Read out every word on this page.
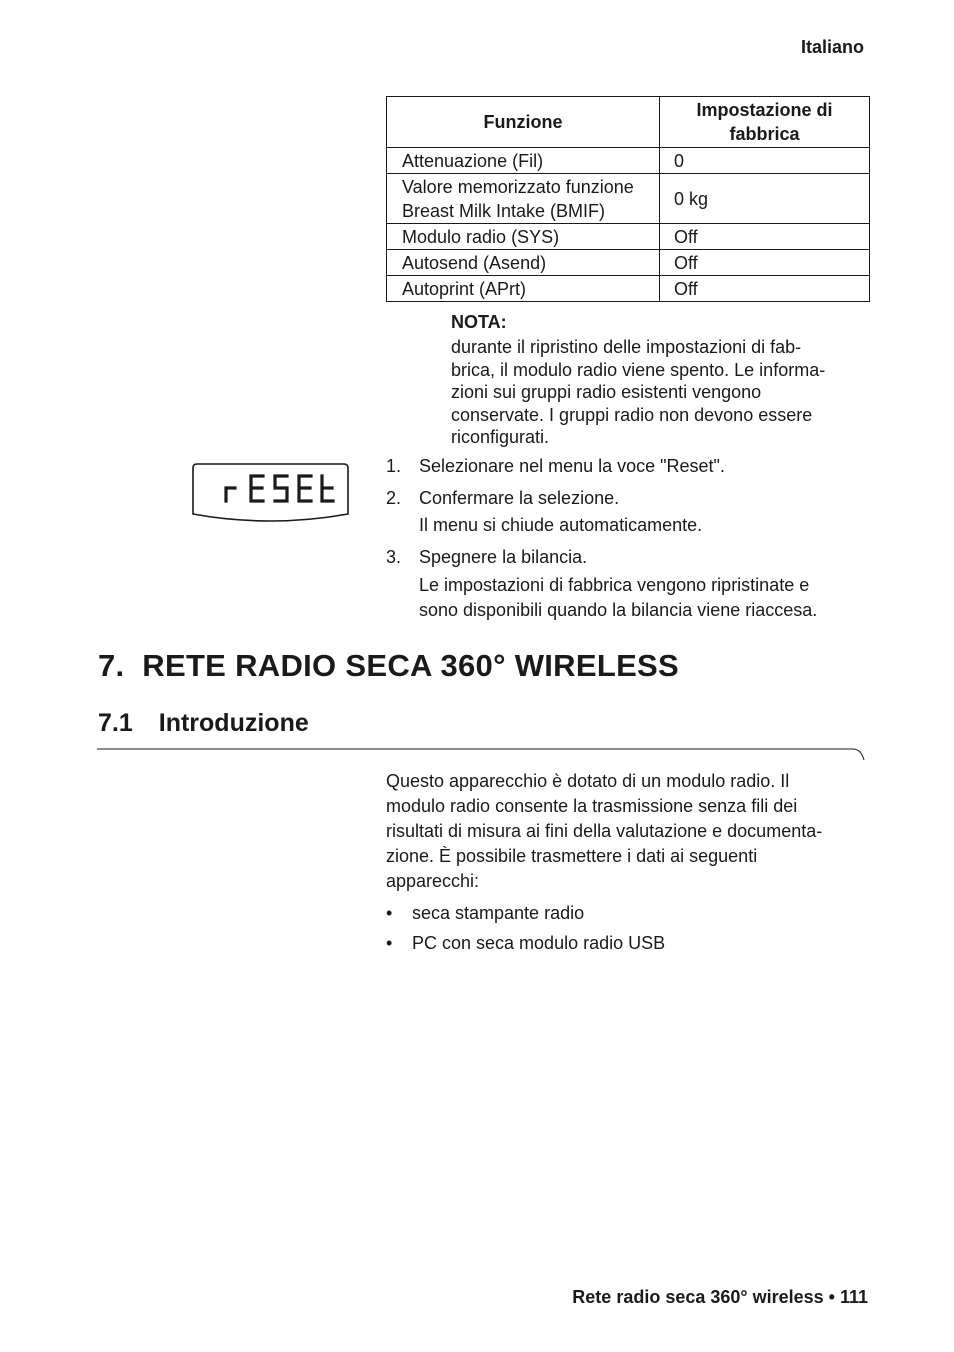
Italiano
Funzione	Impostazione di fabbrica
Attenuazione (Fil)	0

Valore memorizzato funzione
Breast Milk Intake (BMIF)	0 kg
Modulo radio (SYS)	Off
Autosend (Asend)	Off
Autoprint (APrt)	Off
NOTA:
durante il ripristino delle impostazioni di fab-
brica, il modulo radio viene spento. Le informa-
zioni sui gruppi radio esistenti vengono
conservate. I gruppi radio non devono essere
riconfigurati.
1. Selezionare nel menu la voce "Reset".
2. Confermare la selezione.
Il menu si chiude automaticamente.
3. Spegnere la bilancia.
Le impostazioni di fabbrica vengono ripristinate e
sono disponibili quando la bilancia viene riaccesa.
7.  RETE RADIO SECA 360° WIRELESS
7.1 Introduzione
Questo apparecchio è dotato di un modulo radio. Il
modulo radio consente la trasmissione senza fili dei
risultati di misura ai fini della valutazione e documenta-
zione. È possibile trasmettere i dati ai seguenti
apparecchi:
• seca stampante radio
• PC con seca modulo radio USB
Rete radio seca 360° wireless • 111
